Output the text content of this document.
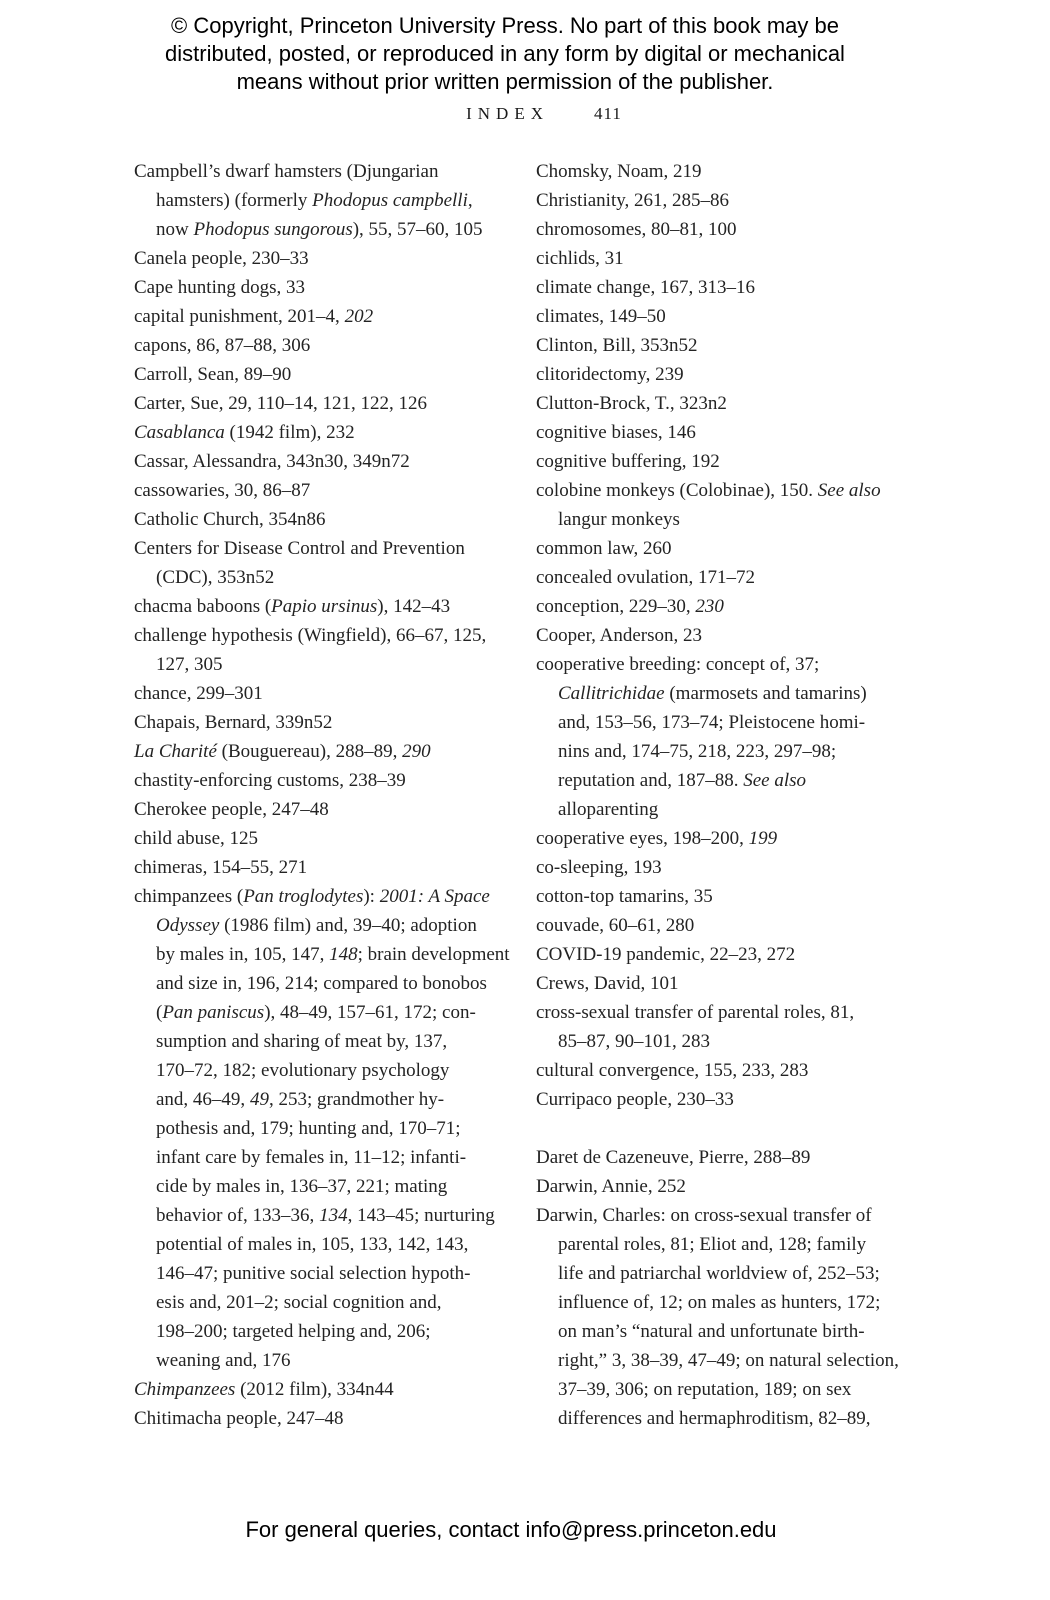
© Copyright, Princeton University Press. No part of this book may be
distributed, posted, or reproduced in any form by digital or mechanical
means without prior written permission of the publisher.
INDEX	411
Campbell’s dwarf hamsters (Djungarian
hamsters) (formerly Phodopus campbelli,
now Phodopus sungorous), 55, 57–60, 105
Canela people, 230–33
Cape hunting dogs, 33
capital punishment, 201–4, 202
capons, 86, 87–88, 306
Carroll, Sean, 89–90
Carter, Sue, 29, 110–14, 121, 122, 126
Casablanca (1942 film), 232
Cassar, Alessandra, 343n30, 349n72
cassowaries, 30, 86–87
Catholic Church, 354n86
Centers for Disease Control and Prevention
(CDC), 353n52
chacma baboons (Papio ursinus), 142–43
challenge hypothesis (Wingfield), 66–67, 125,
127, 305
chance, 299–301
Chapais, Bernard, 339n52
La Charité (Bouguereau), 288–89, 290
chastity-enforcing customs, 238–39
Cherokee people, 247–48
child abuse, 125
chimeras, 154–55, 271
chimpanzees (Pan troglodytes): 2001: A Space
Odyssey (1986 film) and, 39–40; adoption
by males in, 105, 147, 148; brain development
and size in, 196, 214; compared to bonobos
(Pan paniscus), 48–49, 157–61, 172; con-
sumption and sharing of meat by, 137,
170–72, 182; evolutionary psychology
and, 46–49, 49, 253; grandmother hy-
pothesis and, 179; hunting and, 170–71;
infant care by females in, 11–12; infanti-
cide by males in, 136–37, 221; mating
behavior of, 133–36, 134, 143–45; nurturing
potential of males in, 105, 133, 142, 143,
146–47; punitive social selection hypoth-
esis and, 201–2; social cognition and,
198–200; targeted helping and, 206;
weaning and, 176
Chimpanzees (2012 film), 334n44
Chitimacha people, 247–48
Chomsky, Noam, 219
Christianity, 261, 285–86
chromosomes, 80–81, 100
cichlids, 31
climate change, 167, 313–16
climates, 149–50
Clinton, Bill, 353n52
clitoridectomy, 239
Clutton-Brock, T., 323n2
cognitive biases, 146
cognitive buffering, 192
colobine monkeys (Colobinae), 150. See also
langur monkeys
common law, 260
concealed ovulation, 171–72
conception, 229–30, 230
Cooper, Anderson, 23
cooperative breeding: concept of, 37;
Callitrichidae (marmosets and tamarins)
and, 153–56, 173–74; Pleistocene homi-
nins and, 174–75, 218, 223, 297–98;
reputation and, 187–88. See also
alloparenting
cooperative eyes, 198–200, 199
co-sleeping, 193
cotton-top tamarins, 35
couvade, 60–61, 280
COVID-19 pandemic, 22–23, 272
Crews, David, 101
cross-sexual transfer of parental roles, 81,
85–87, 90–101, 283
cultural convergence, 155, 233, 283
Curripaco people, 230–33
Daret de Cazeneuve, Pierre, 288–89
Darwin, Annie, 252
Darwin, Charles: on cross-sexual transfer of
parental roles, 81; Eliot and, 128; family
life and patriarchal worldview of, 252–53;
influence of, 12; on males as hunters, 172;
on man’s “natural and unfortunate birth-
right,” 3, 38–39, 47–49; on natural selection,
37–39, 306; on reputation, 189; on sex
differences and hermaphroditism, 82–89,
For general queries, contact info@press.princeton.edu
